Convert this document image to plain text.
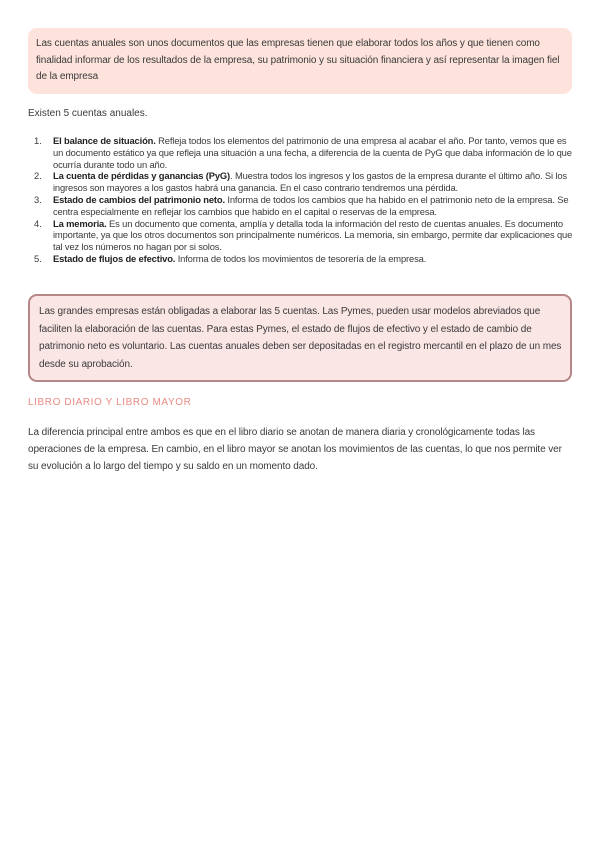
Las cuentas anuales son unos documentos que las empresas tienen que elaborar todos los años y que tienen como finalidad informar de los resultados de la empresa, su patrimonio y su situación financiera y así representar la imagen fiel de la empresa
Existen 5 cuentas anuales.
1. El balance de situación. Refleja todos los elementos del patrimonio de una empresa al acabar el año. Por tanto, vemos que es un documento estático ya que refleja una situación a una fecha, a diferencia de la cuenta de PyG que daba información de lo que ocurría durante todo un año.
2. La cuenta de pérdidas y ganancias (PyG). Muestra todos los ingresos y los gastos de la empresa durante el último año. Si los ingresos son mayores a los gastos habrá una ganancia. En el caso contrario tendremos una pérdida.
3. Estado de cambios del patrimonio neto. Informa de todos los cambios que ha habido en el patrimonio neto de la empresa. Se centra especialmente en reflejar los cambios que habido en el capital o reservas de la empresa.
4. La memoria. Es un documento que comenta, amplía y detalla toda la información del resto de cuentas anuales. Es documento importante, ya que los otros documentos son principalmente numéricos. La memoria, sin embargo, permite dar explicaciones que tal vez los números no hagan por si solos.
5. Estado de flujos de efectivo. Informa de todos los movimientos de tesorería de la empresa.
Las grandes empresas están obligadas a elaborar las 5 cuentas. Las Pymes, pueden usar modelos abreviados que faciliten la elaboración de las cuentas. Para estas Pymes, el estado de flujos de efectivo y el estado de cambio de patrimonio neto es voluntario. Las cuentas anuales deben ser depositadas en el registro mercantil en el plazo de un mes desde su aprobación.
LIBRO DIARIO Y LIBRO MAYOR
La diferencia principal entre ambos es que en el libro diario se anotan de manera diaria y cronológicamente todas las operaciones de la empresa. En cambio, en el libro mayor se anotan los movimientos de las cuentas, lo que nos permite ver su evolución a lo largo del tiempo y su saldo en un momento dado.
